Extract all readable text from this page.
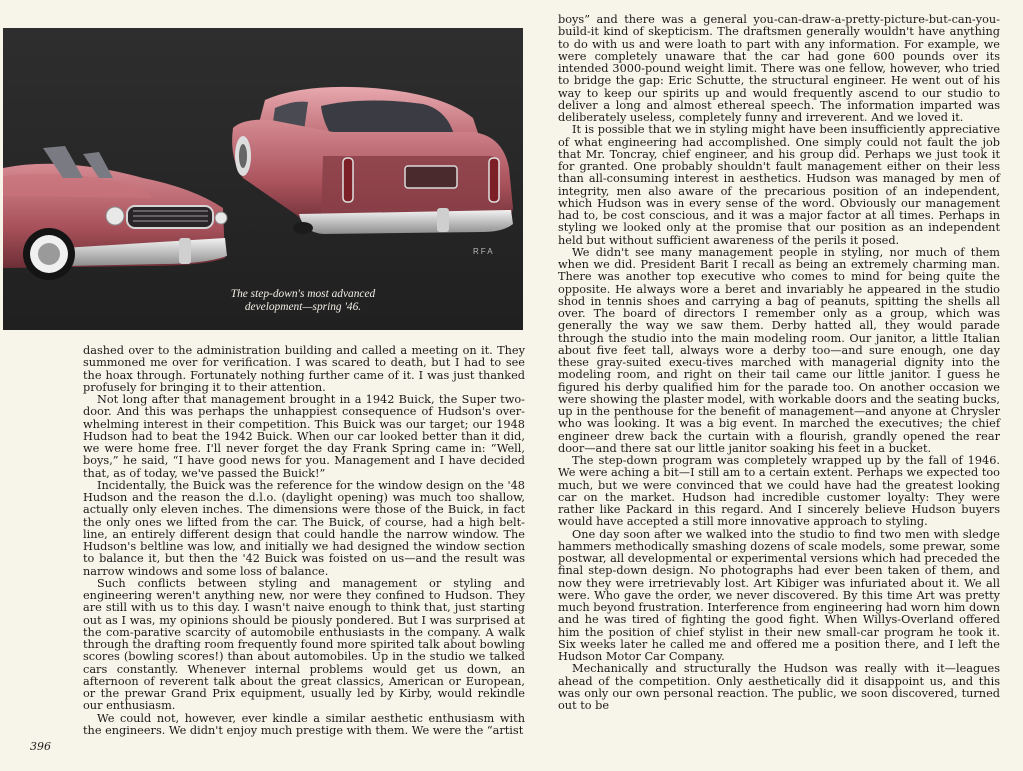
RFA
The step-down's most advanced
development—spring '46.

dashed over to the administration building and called a meeting on it. They summoned me over for verification. I was scared to death, but I had to see the hoax through. Fortunately nothing further came of it. I was just thanked profusely for bringing it to their attention.

Not long after that management brought in a 1942 Buick, the Super two-door. And this was perhaps the unhappiest consequence of Hudson's over-whelming interest in their competition. This Buick was our target; our 1948 Hudson had to beat the 1942 Buick. When our car looked better than it did, we were home free. I'll never forget the day Frank Spring came in: “Well, boys,” he said, “I have good news for you. Management and I have decided that, as of today, we've passed the Buick!”

Incidentally, the Buick was the reference for the window design on the '48 Hudson and the reason the d.l.o. (daylight opening) was much too shallow, actually only eleven inches. The dimensions were those of the Buick, in fact the only ones we lifted from the car. The Buick, of course, had a high belt-line, an entirely different design that could handle the narrow window. The Hudson's beltline was low, and initially we had designed the window section to balance it, but then the '42 Buick was foisted on us—and the result was narrow windows and some loss of balance.

Such conflicts between styling and management or styling and engineering weren't anything new, nor were they confined to Hudson. They are still with us to this day. I wasn't naive enough to think that, just starting out as I was, my opinions should be piously pondered. But I was surprised at the com-parative scarcity of automobile enthusiasts in the company. A walk through the drafting room frequently found more spirited talk about bowling scores (bowling scores!) than about automobiles. Up in the studio we talked cars constantly. Whenever internal problems would get us down, an afternoon of reverent talk about the great classics, American or European, or the prewar Grand Prix equipment, usually led by Kirby, would rekindle our enthusiasm.

We could not, however, ever kindle a similar aesthetic enthusiasm with the engineers. We didn't enjoy much prestige with them. We were the “artist

boys” and there was a general you-can-draw-a-pretty-picture-but-can-you-build-it kind of skepticism. The draftsmen generally wouldn't have anything to do with us and were loath to part with any information. For example, we were completely unaware that the car had gone 600 pounds over its intended 3000-pound weight limit. There was one fellow, however, who tried to bridge the gap: Eric Schutte, the structural engineer. He went out of his way to keep our spirits up and would frequently ascend to our studio to deliver a long and almost ethereal speech. The information imparted was deliberately useless, completely funny and irreverent. And we loved it.

It is possible that we in styling might have been insufficiently appreciative of what engineering had accomplished. One simply could not fault the job that Mr. Toncray, chief engineer, and his group did. Perhaps we just took it for granted. One probably shouldn't fault management either on their less than all-consuming interest in aesthetics. Hudson was managed by men of integrity, men also aware of the precarious position of an independent, which Hudson was in every sense of the word. Obviously our management had to, be cost conscious, and it was a major factor at all times. Perhaps in styling we looked only at the promise that our position as an independent held but without sufficient awareness of the perils it posed.

We didn't see many management people in styling, nor much of them when we did. President Barit I recall as being an extremely charming man. There was another top executive who comes to mind for being quite the opposite. He always wore a beret and invariably he appeared in the studio shod in tennis shoes and carrying a bag of peanuts, spitting the shells all over. The board of directors I remember only as a group, which was generally the way we saw them. Derby hatted all, they would parade through the studio into the main modeling room. Our janitor, a little Italian about five feet tall, always wore a derby too—and sure enough, one day these gray-suited execu-tives marched with managerial dignity into the modeling room, and right on their tail came our little janitor. I guess he figured his derby qualified him for the parade too. On another occasion we were showing the plaster model, with workable doors and the seating bucks, up in the penthouse for the benefit of management—and anyone at Chrysler who was looking. It was a big event. In marched the executives; the chief engineer drew back the curtain with a flourish, grandly opened the rear door—and there sat our little janitor soaking his feet in a bucket.

The step-down program was completely wrapped up by the fall of 1946. We were aching a bit—I still am to a certain extent. Perhaps we expected too much, but we were convinced that we could have had the greatest looking car on the market. Hudson had incredible customer loyalty: They were rather like Packard in this regard. And I sincerely believe Hudson buyers would have accepted a still more innovative approach to styling.

One day soon after we walked into the studio to find two men with sledge hammers methodically smashing dozens of scale models, some prewar, some postwar, all developmental or experimental versions which had preceded the final step-down design. No photographs had ever been taken of them, and now they were irretrievably lost. Art Kibiger was infuriated about it. We all were. Who gave the order, we never discovered. By this time Art was pretty much beyond frustration. Interference from engineering had worn him down and he was tired of fighting the good fight. When Willys-Overland offered him the position of chief stylist in their new small-car program he took it. Six weeks later he called me and offered me a position there, and I left the Hudson Motor Car Company.

Mechanically and structurally the Hudson was really with it—leagues ahead of the competition. Only aesthetically did it disappoint us, and this was only our own personal reaction. The public, we soon discovered, turned out to be

396
